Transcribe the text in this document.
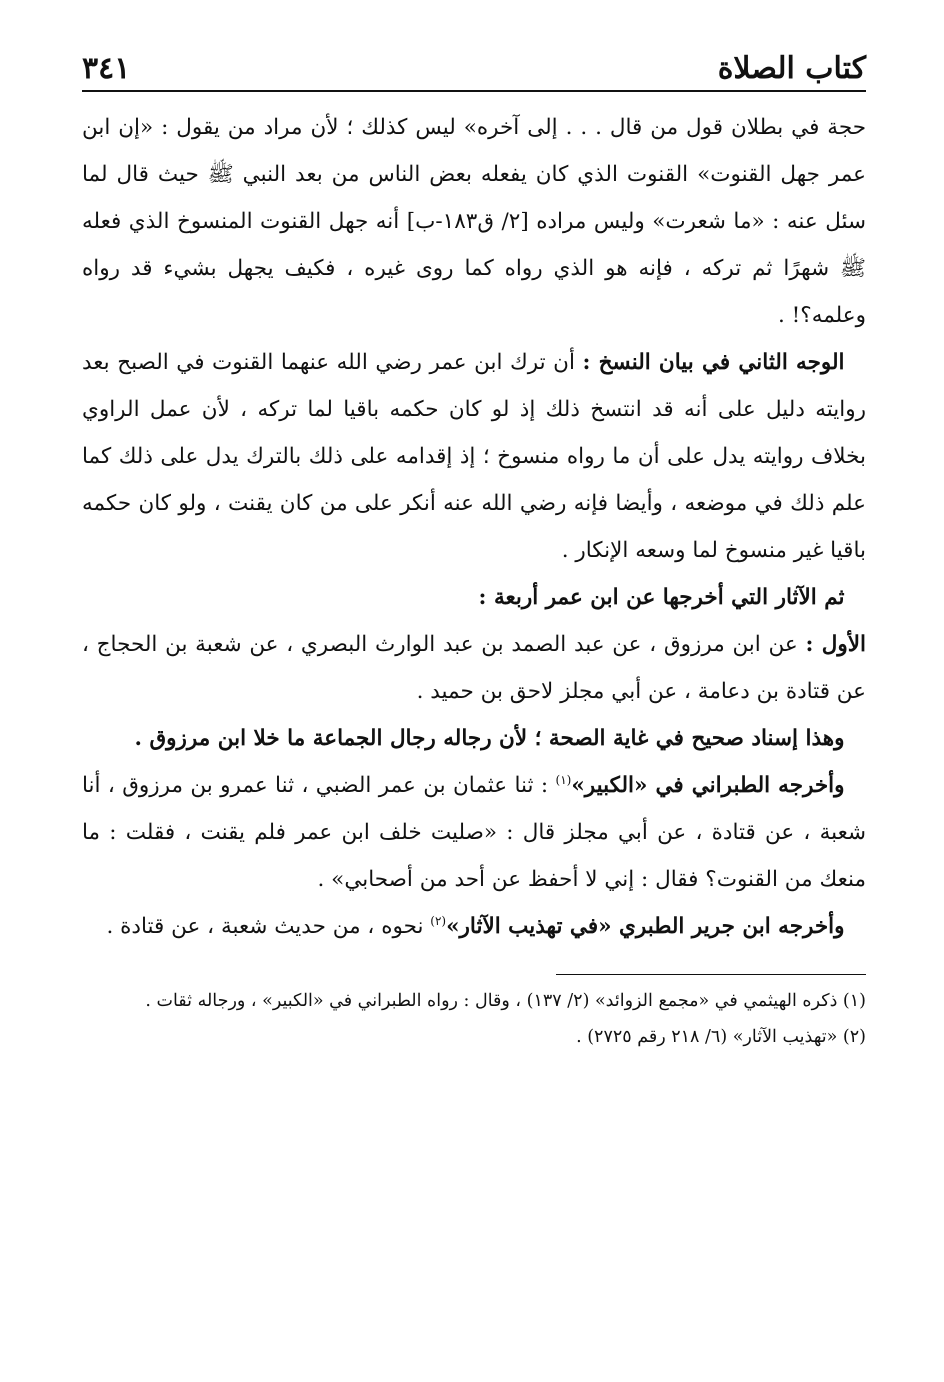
كتاب الصلاة
٣٤١

حجة في بطلان قول من قال . . . إلى آخره» ليس كذلك ؛ لأن مراد من يقول : «إن ابن عمر جهل القنوت» القنوت الذي كان يفعله بعض الناس من بعد النبي ﷺ حيث قال لما سئل عنه : «ما شعرت» وليس مراده [٢/ ق١٨٣-ب] أنه جهل القنوت المنسوخ الذي فعله ﷺ شهرًا ثم تركه ، فإنه هو الذي رواه كما روى غيره ، فكيف يجهل بشيء قد رواه وعلمه؟! .

 الوجه الثاني في بيان النسخ : أن ترك ابن عمر رضي الله عنهما القنوت في الصبح بعد روايته دليل على أنه قد انتسخ ذلك إذ لو كان حكمه باقيا لما تركه ، لأن عمل الراوي بخلاف روايته يدل على أن ما رواه منسوخ ؛ إذ إقدامه على ذلك بالترك يدل على ذلك كما علم ذلك في موضعه ، وأيضا فإنه رضي الله عنه أنكر على من كان يقنت ، ولو كان حكمه باقيا غير منسوخ لما وسعه الإنكار .

 ثم الآثار التي أخرجها عن ابن عمر أربعة :

الأول : عن ابن مرزوق ، عن عبد الصمد بن عبد الوارث البصري ، عن شعبة بن الحجاج ، عن قتادة بن دعامة ، عن أبي مجلز لاحق بن حميد .

 وهذا إسناد صحيح في غاية الصحة ؛ لأن رجاله رجال الجماعة ما خلا ابن مرزوق .

 وأخرجه الطبراني في «الكبير»$^{(١)}$ : ثنا عثمان بن عمر الضبي ، ثنا عمرو بن مرزوق ، أنا شعبة ، عن قتادة ، عن أبي مجلز قال : «صليت خلف ابن عمر فلم يقنت ، فقلت : ما منعك من القنوت؟ فقال : إني لا أحفظ عن أحد من أصحابي» .

 وأخرجه ابن جرير الطبري «في تهذيب الآثار»$^{(٢)}$ نحوه ، من حديث شعبة ، عن قتادة .

(١) ذكره الهيثمي في «مجمع الزوائد» (٢/ ١٣٧) ، وقال : رواه الطبراني في «الكبير» ، ورجاله ثقات .

(٢) «تهذيب الآثار» (٦/ ٢١٨ رقم ٢٧٢٥) .
